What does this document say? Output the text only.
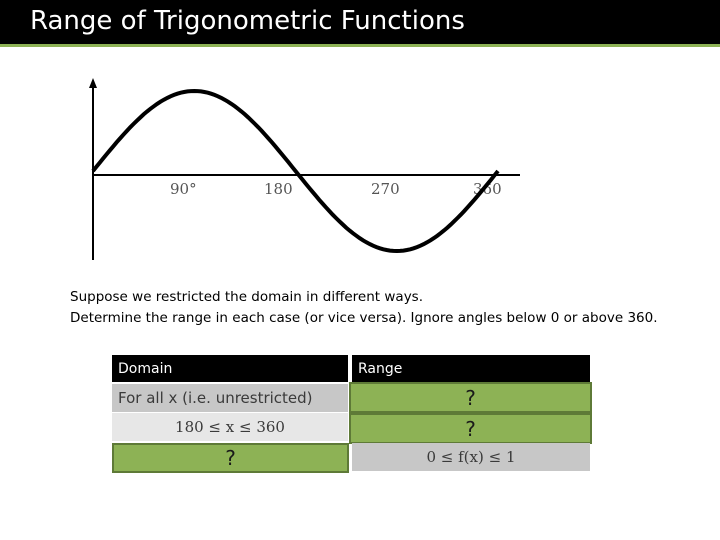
Range of Trigonometric Functions
90°	180	270	360
Suppose we restricted the domain in different ways.
Determine the range in each case (or vice versa). Ignore angles below 0 or above 360.
Domain	Range
For all x (i.e. unrestricted)	?
180 ≤ x ≤ 360	?
?	0 ≤ f(x) ≤ 1
